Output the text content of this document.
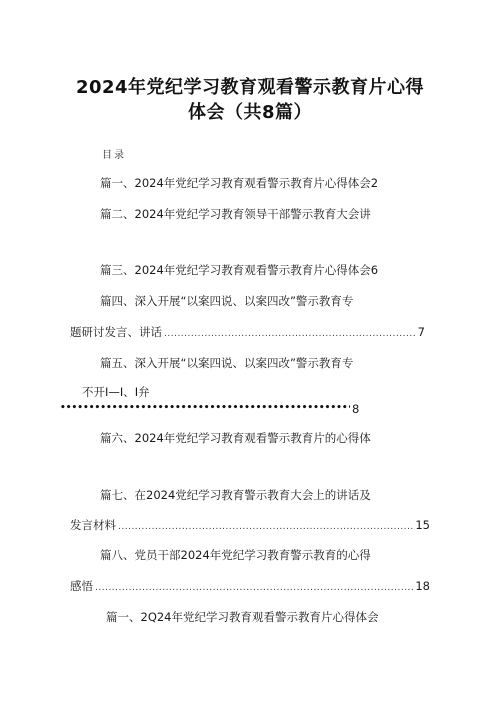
2024年党纪学习教育观看警示教育片心得
体会（共8篇）
目录
篇一、2024年党纪学习教育观看警示教育片心得体会2
篇二、2024年党纪学习教育领导干部警示教育大会讲
篇三、2024年党纪学习教育观看警示教育片心得体会6
篇四、深入开展“以案四说、以案四改”警示教育专
题研讨发言、讲话 .....	7
篇五、深入开展“以案四说、以案四改”警示教育专
不开I—I、I弁
•••••
8
篇六、2024年党纪学习教育观看警示教育片的心得体
篇七、在2024党纪学习教育警示教育大会上的讲话及
发言材料 .....	15
篇八、党员干部2024年党纪学习教育警示教育的心得
感悟 .....	18
篇一、2Q24年党纪学习教育观看警示教育片心得体会
